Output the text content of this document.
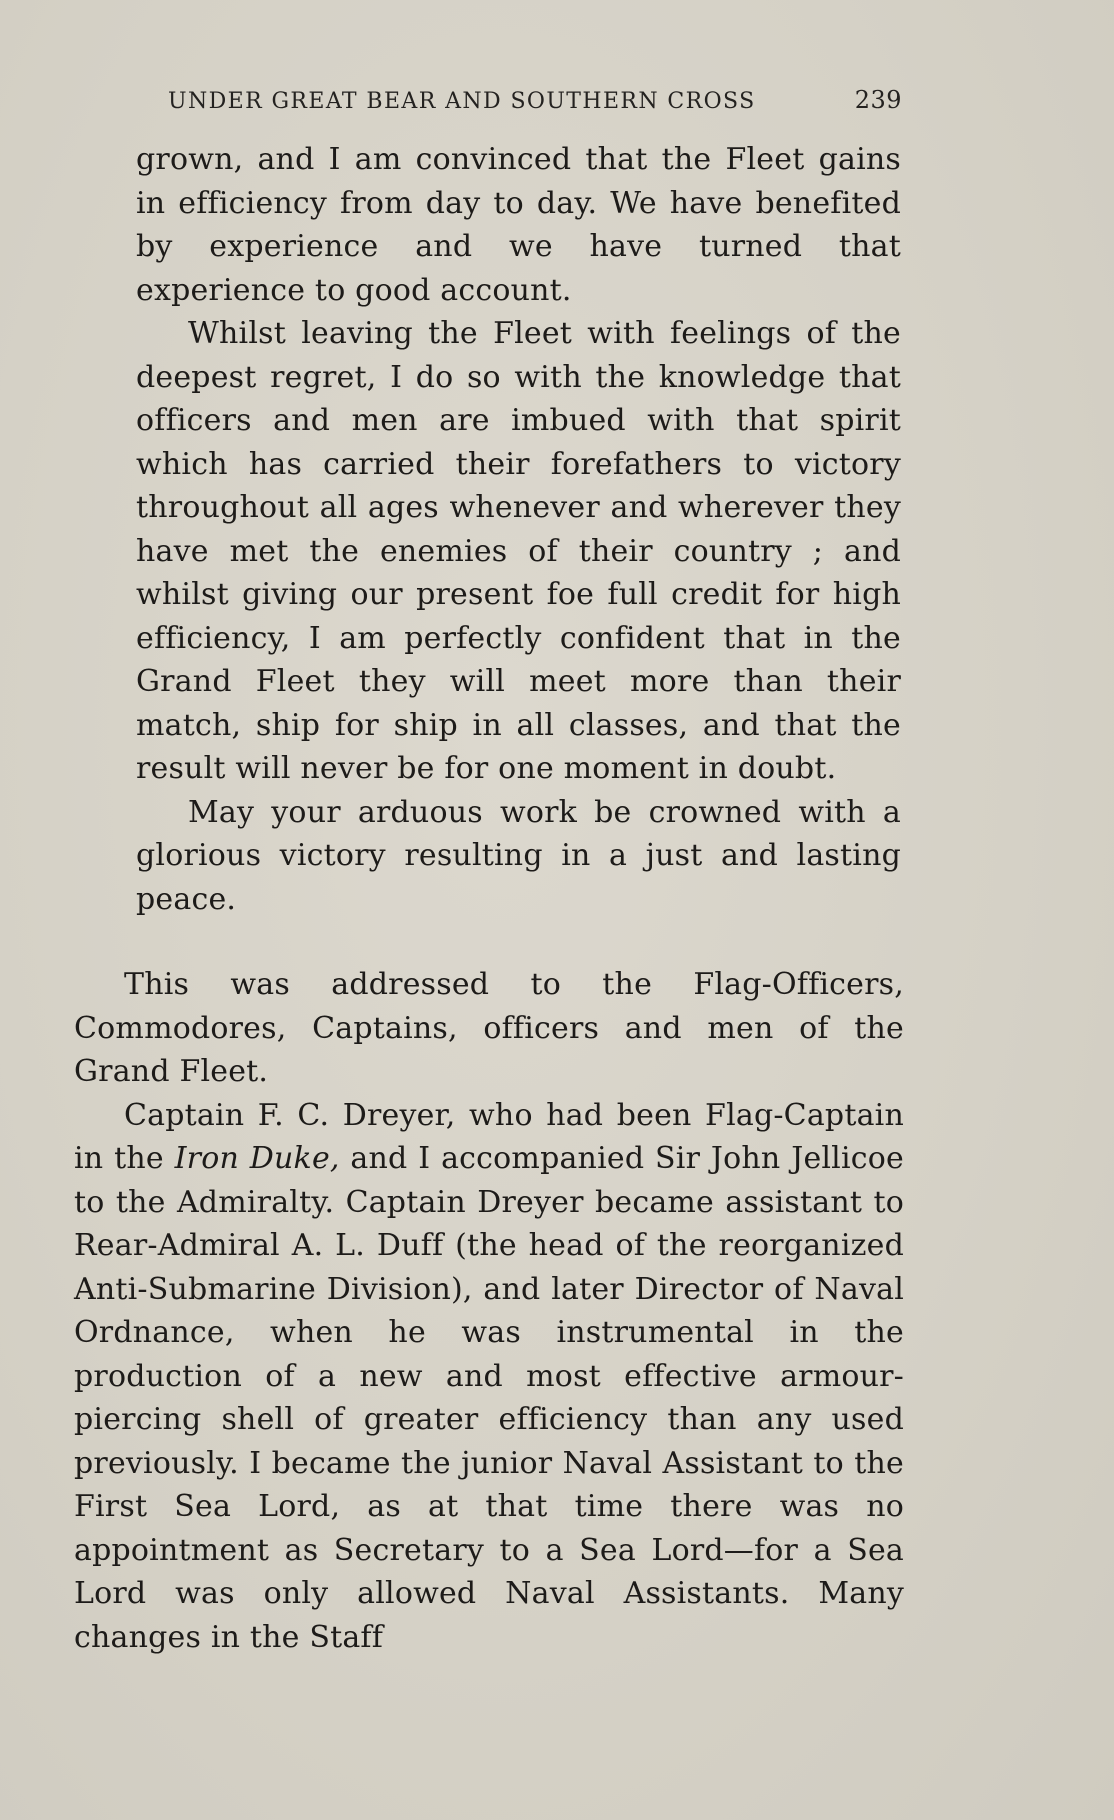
UNDER GREAT BEAR AND SOUTHERN CROSS	239

grown, and I am convinced that the Fleet gains in efficiency from day to day. We have benefited by experience and we have turned that experience to good account.

Whilst leaving the Fleet with feelings of the deepest regret, I do so with the knowledge that officers and men are imbued with that spirit which has carried their forefathers to victory throughout all ages whenever and wherever they have met the enemies of their country ; and whilst giving our present foe full credit for high efficiency, I am perfectly confident that in the Grand Fleet they will meet more than their match, ship for ship in all classes, and that the result will never be for one moment in doubt.

May your arduous work be crowned with a glorious victory resulting in a just and lasting peace.

This was addressed to the Flag-Officers, Commodores, Captains, officers and men of the Grand Fleet.

Captain F. C. Dreyer, who had been Flag-Captain in the Iron Duke, and I accompanied Sir John Jellicoe to the Admiralty. Captain Dreyer became assistant to Rear-Admiral A. L. Duff (the head of the reorganized Anti-Submarine Division), and later Director of Naval Ordnance, when he was instrumental in the production of a new and most effective armour-piercing shell of greater efficiency than any used previously. I became the junior Naval Assistant to the First Sea Lord, as at that time there was no appointment as Secretary to a Sea Lord—for a Sea Lord was only allowed Naval Assistants. Many changes in the Staff
